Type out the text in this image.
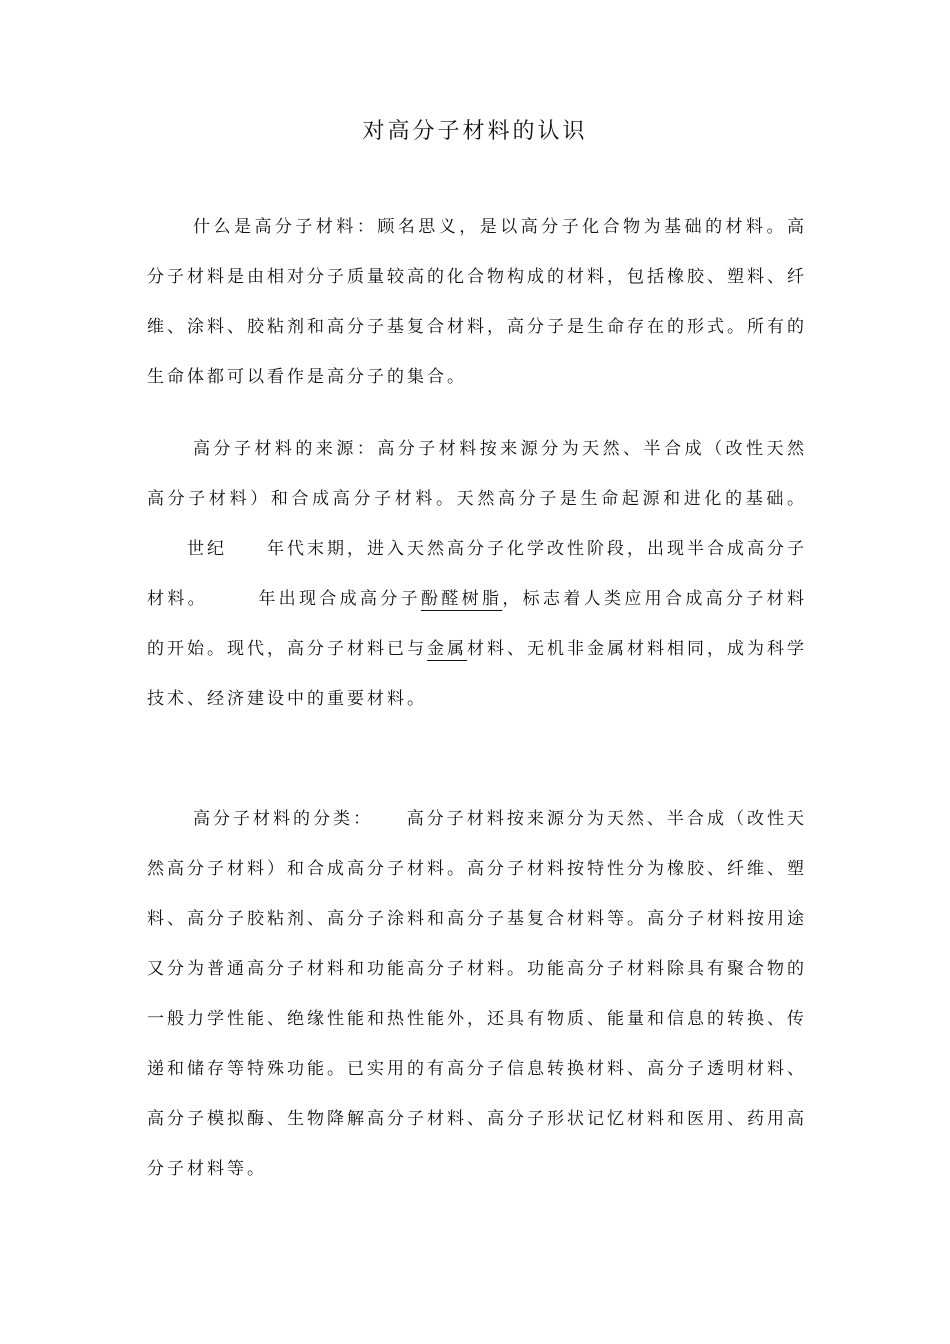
对高分子材料的认识

什么是高分子材料：顾名思义，是以高分子化合物为基础的材料。高分子材料是由相对分子质量较高的化合物构成的材料，包括橡胶、塑料、纤维、涂料、胶粘剂和高分子基复合材料，高分子是生命存在的形式。所有的生命体都可以看作是高分子的集合。

高分子材料的来源：高分子材料按来源分为天然、半合成（改性天然高分子材料）和合成高分子材料。天然高分子是生命起源和进化的基础。世纪 年代末期，进入天然高分子化学改性阶段，出现半合成高分子材料。	年出现合成高分子酚醛树脂，标志着人类应用合成高分子材料的开始。现代，高分子材料已与金属材料、无机非金属材料相同，成为科学技术、经济建设中的重要材料。

高分子材料的分类：    高分子材料按来源分为天然、半合成（改性天然高分子材料）和合成高分子材料。高分子材料按特性分为橡胶、纤维、塑料、高分子胶粘剂、高分子涂料和高分子基复合材料等。高分子材料按用途又分为普通高分子材料和功能高分子材料。功能高分子材料除具有聚合物的一般力学性能、绝缘性能和热性能外，还具有物质、能量和信息的转换、传递和储存等特殊功能。已实用的有高分子信息转换材料、高分子透明材料、高分子模拟酶、生物降解高分子材料、高分子形状记忆材料和医用、药用高分子材料等。
